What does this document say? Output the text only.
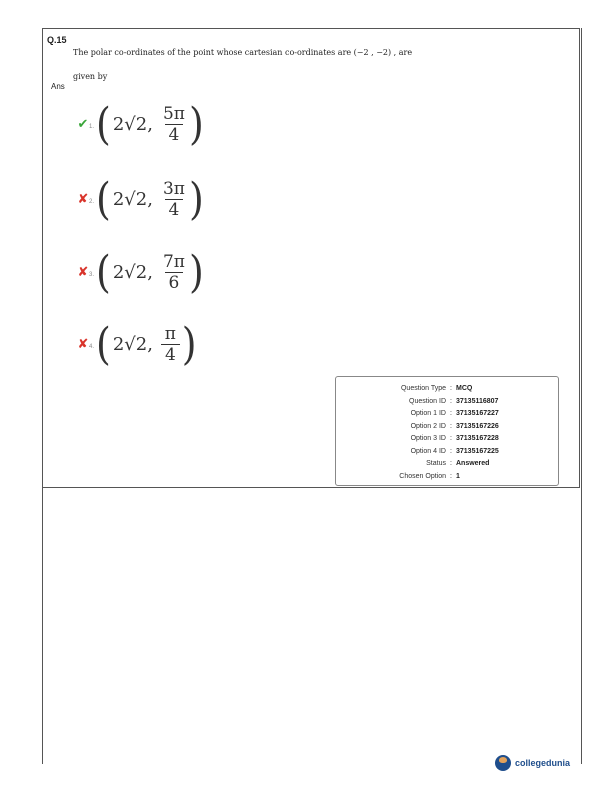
Q.15
The polar co-ordinates of the point whose cartesian co-ordinates are (−2 , −2) , are
given by
Ans
✔ 1. ( 2√2, $\frac{5\pi}{4}$ )
✘ 2. ( 2√2, $\frac{3\pi}{4}$ )
✘ 3. ( 2√2, $\frac{7\pi}{6}$ )
✘ 4. ( 2√2, $\frac{\pi}{4}$ )
Question Type : MCQ
Question ID : 37135116807
Option 1 ID : 37135167227
Option 2 ID : 37135167226
Option 3 ID : 37135167228
Option 4 ID : 37135167225
Status : Answered
Chosen Option : 1
collegedunia
